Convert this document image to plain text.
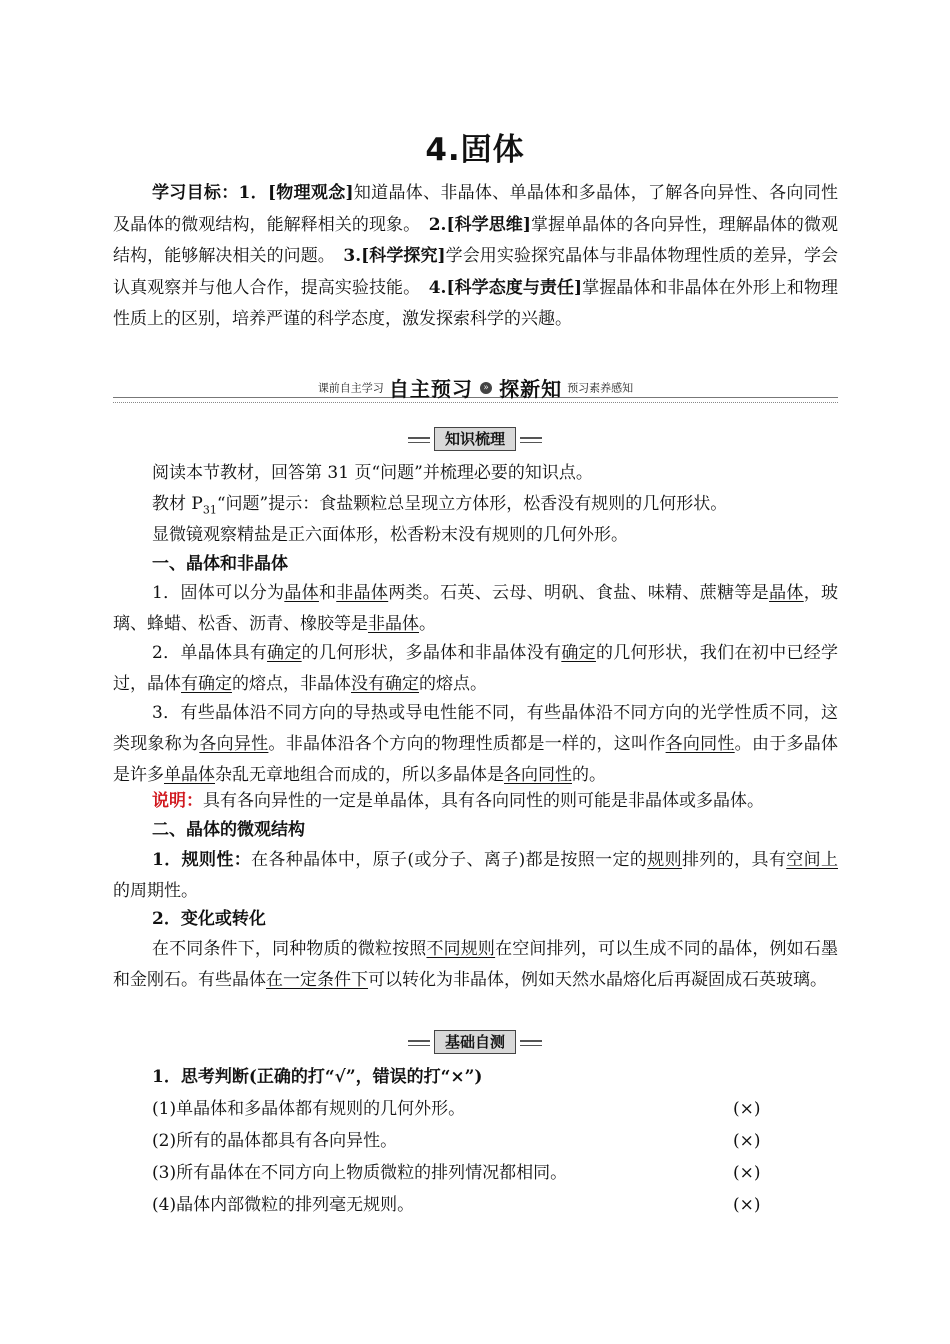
4.固体
学习目标：1．[物理观念]知道晶体、非晶体、单晶体和多晶体，了解各向异性、各向同性及晶体的微观结构，能解释相关的现象。　 2.[科学思维]掌握单晶体的各向异性，理解晶体的微观结构，能够解决相关的问题。　 3.[科学探究]学会用实验探究晶体与非晶体物理性质的差异，学会认真观察并与他人合作，提高实验技能。　 4.[科学态度与责任]掌握晶体和非晶体在外形上和物理性质上的区别，培养严谨的科学态度，激发探索科学的兴趣。
课前自主学习 自主预习 » 探新知 预习素养感知
知识梳理
阅读本节教材，回答第 31 页“问题”并梳理必要的知识点。
教材 $P_{31}“$问题”提示：食盐颗粒总呈现立方体形，松香没有规则的几何形状。
显微镜观察精盐是正六面体形，松香粉末没有规则的几何外形。
一、晶体和非晶体
1．固体可以分为晶体和非晶体两类。石英、云母、明矾、食盐、味精、蔗糖等是晶体，玻璃、蜂蜡、松香、沥青、橡胶等是非晶体。
2．单晶体具有确定的几何形状，多晶体和非晶体没有确定的几何形状，我们在初中已经学过，晶体有确定的熔点，非晶体没有确定的熔点。
3．有些晶体沿不同方向的导热或导电性能不同，有些晶体沿不同方向的光学性质不同，这类现象称为各向异性。非晶体沿各个方向的物理性质都是一样的，这叫作各向同性。由于多晶体是许多单晶体杂乱无章地组合而成的，所以多晶体是各向同性的。
说明：具有各向异性的一定是单晶体，具有各向同性的则可能是非晶体或多晶体。
二、晶体的微观结构
1．规则性：在各种晶体中，原子(或分子、离子)都是按照一定的规则排列的，具有空间上的周期性。
2．变化或转化
在不同条件下，同种物质的微粒按照不同规则在空间排列，可以生成不同的晶体，例如石墨和金刚石。有些晶体在一定条件下可以转化为非晶体，例如天然水晶熔化后再凝固成石英玻璃。
基础自测
1．思考判断(正确的打“√”，错误的打“×”)
(1)单晶体和多晶体都有规则的几何外形。	(×)
(2)所有的晶体都具有各向异性。	(×)
(3)所有晶体在不同方向上物质微粒的排列情况都相同。	(×)
(4)晶体内部微粒的排列毫无规则。	(×)
